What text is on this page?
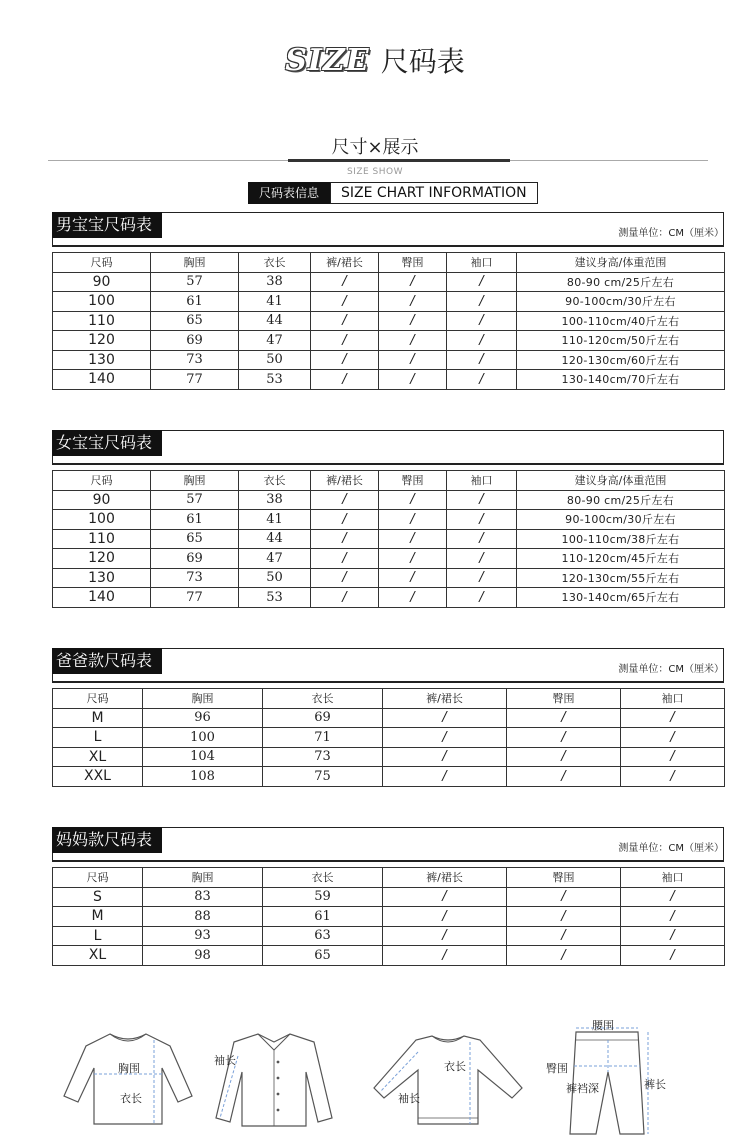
SIZE 尺码表
尺寸×展示
SIZE SHOW
尺码表信息	SIZE CHART INFORMATION
男宝宝尺码表	测量单位：CM（厘米）
尺码	胸围	衣长	裤/裙长	臀围	袖口	建议身高/体重范围
90	57	38	/	/	/	80-90 cm/25斤左右
100	61	41	/	/	/	90-100cm/30斤左右
110	65	44	/	/	/	100-110cm/40斤左右
120	69	47	/	/	/	110-120cm/50斤左右
130	73	50	/	/	/	120-130cm/60斤左右
140	77	53	/	/	/	130-140cm/70斤左右
女宝宝尺码表
尺码	胸围	衣长	裤/裙长	臀围	袖口	建议身高/体重范围
90	57	38	/	/	/	80-90 cm/25斤左右
100	61	41	/	/	/	90-100cm/30斤左右
110	65	44	/	/	/	100-110cm/38斤左右
120	69	47	/	/	/	110-120cm/45斤左右
130	73	50	/	/	/	120-130cm/55斤左右
140	77	53	/	/	/	130-140cm/65斤左右
爸爸款尺码表	测量单位：CM（厘米）
尺码	胸围	衣长	裤/裙长	臀围	袖口
M	96	69	/	/	/
L	100	71	/	/	/
XL	104	73	/	/	/
XXL	108	75	/	/	/
妈妈款尺码表	测量单位：CM（厘米）
尺码	胸围	衣长	裤/裙长	臀围	袖口
S	83	59	/	/	/
M	88	61	/	/	/
L	93	63	/	/	/
XL	98	65	/	/	/
胸围
衣长
袖长	衣长
袖长
腰围
臀围
裤裆深	裤长
